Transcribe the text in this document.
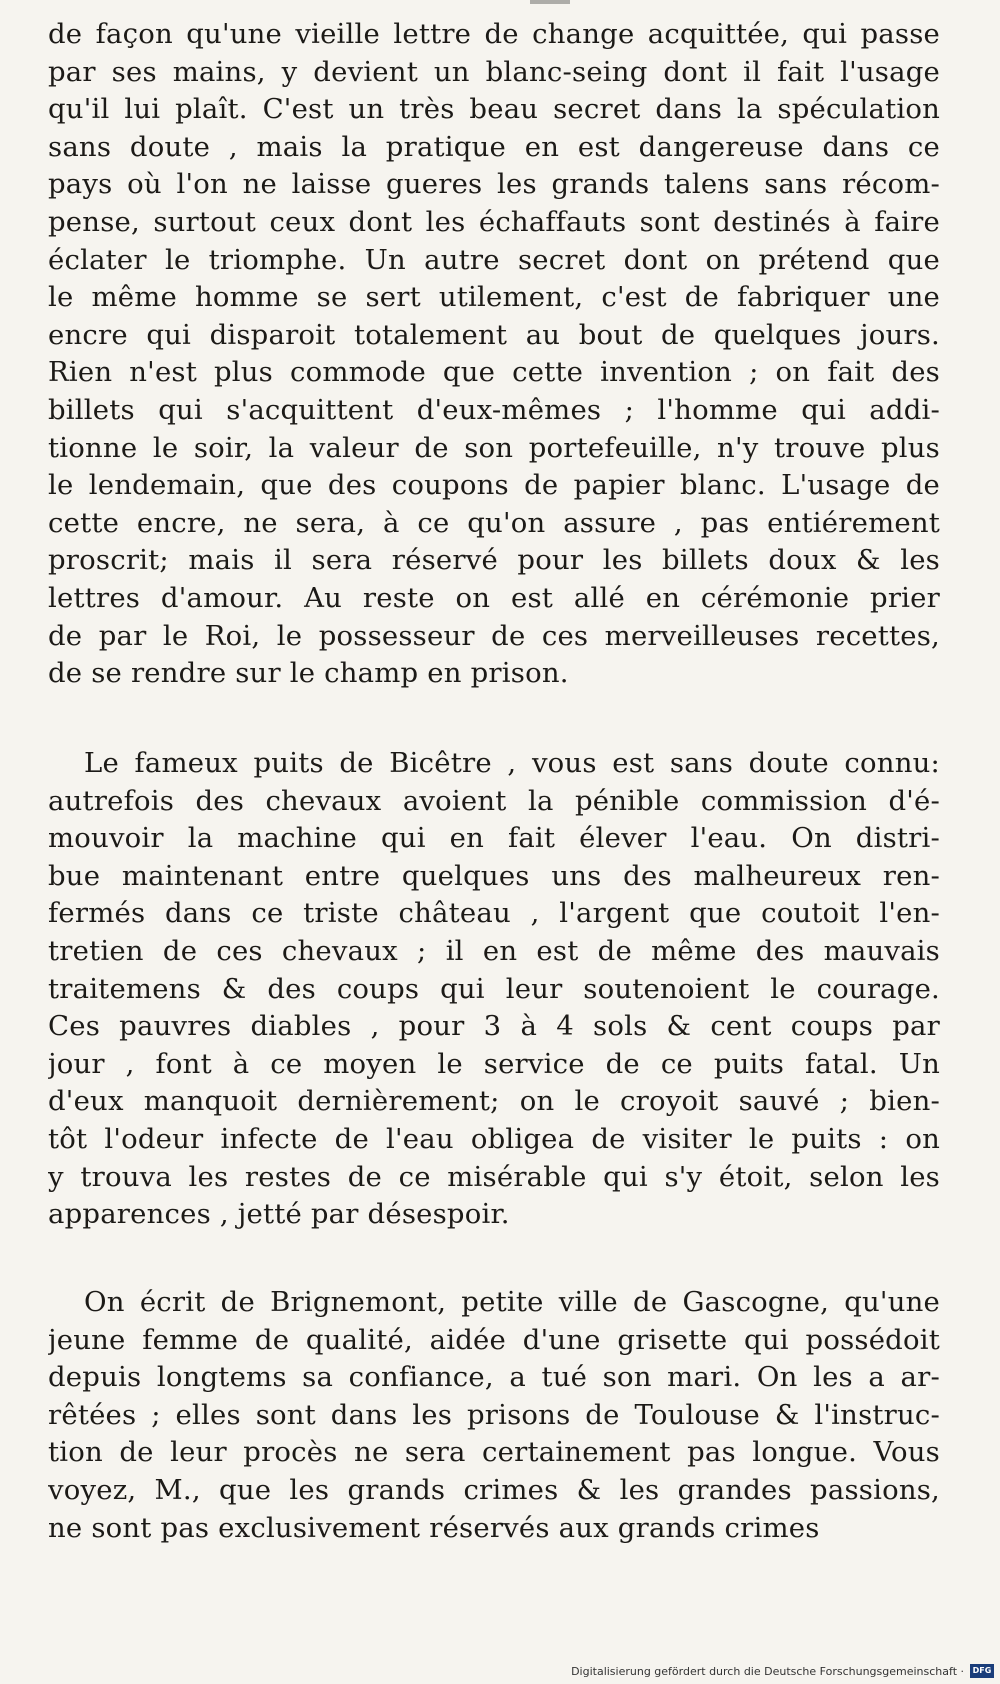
de façon qu'une vieille lettre de change acquittée, qui passe
par ses mains, y devient un blanc-seing dont il fait l'usage
qu'il lui plaît. C'est un très beau secret dans la spéculation
sans doute , mais la pratique en est dangereuse dans ce
pays où l'on ne laisse gueres les grands talens sans récom-
pense, surtout ceux dont les échaffauts sont destinés à faire
éclater le triomphe. Un autre secret dont on prétend que
le même homme se sert utilement, c'est de fabriquer une
encre qui disparoit totalement au bout de quelques jours.
Rien n'est plus commode que cette invention ; on fait des
billets qui s'acquittent d'eux-mêmes ; l'homme qui addi-
tionne le soir, la valeur de son portefeuille, n'y trouve plus
le lendemain, que des coupons de papier blanc. L'usage de
cette encre, ne sera, à ce qu'on assure , pas entiérement
proscrit; mais il sera réservé pour les billets doux & les
lettres d'amour. Au reste on est allé en cérémonie prier
de par le Roi, le possesseur de ces merveilleuses recettes,
de se rendre sur le champ en prison.
Le fameux puits de Bicêtre , vous est sans doute connu:
autrefois des chevaux avoient la pénible commission d'é-
mouvoir la machine qui en fait élever l'eau. On distri-
bue maintenant entre quelques uns des malheureux ren-
fermés dans ce triste château , l'argent que coutoit l'en-
tretien de ces chevaux ; il en est de même des mauvais
traitemens & des coups qui leur soutenoient le courage.
Ces pauvres diables , pour 3 à 4 sols & cent coups par
jour , font à ce moyen le service de ce puits fatal. Un
d'eux manquoit dernièrement; on le croyoit sauvé ; bien-
tôt l'odeur infecte de l'eau obligea de visiter le puits : on
y trouva les restes de ce misérable qui s'y étoit, selon les
apparences , jetté par désespoir.
On écrit de Brignemont, petite ville de Gascogne, qu'une
jeune femme de qualité, aidée d'une grisette qui possédoit
depuis longtems sa confiance, a tué son mari. On les a ar-
rêtées ; elles sont dans les prisons de Toulouse & l'instruc-
tion de leur procès ne sera certainement pas longue. Vous
voyez, M., que les grands crimes & les grandes passions,
ne sont pas exclusivement réservés aux grands crimes
Digitalisierung gefördert durch die Deutsche Forschungsgemeinschaft ·	DFG
